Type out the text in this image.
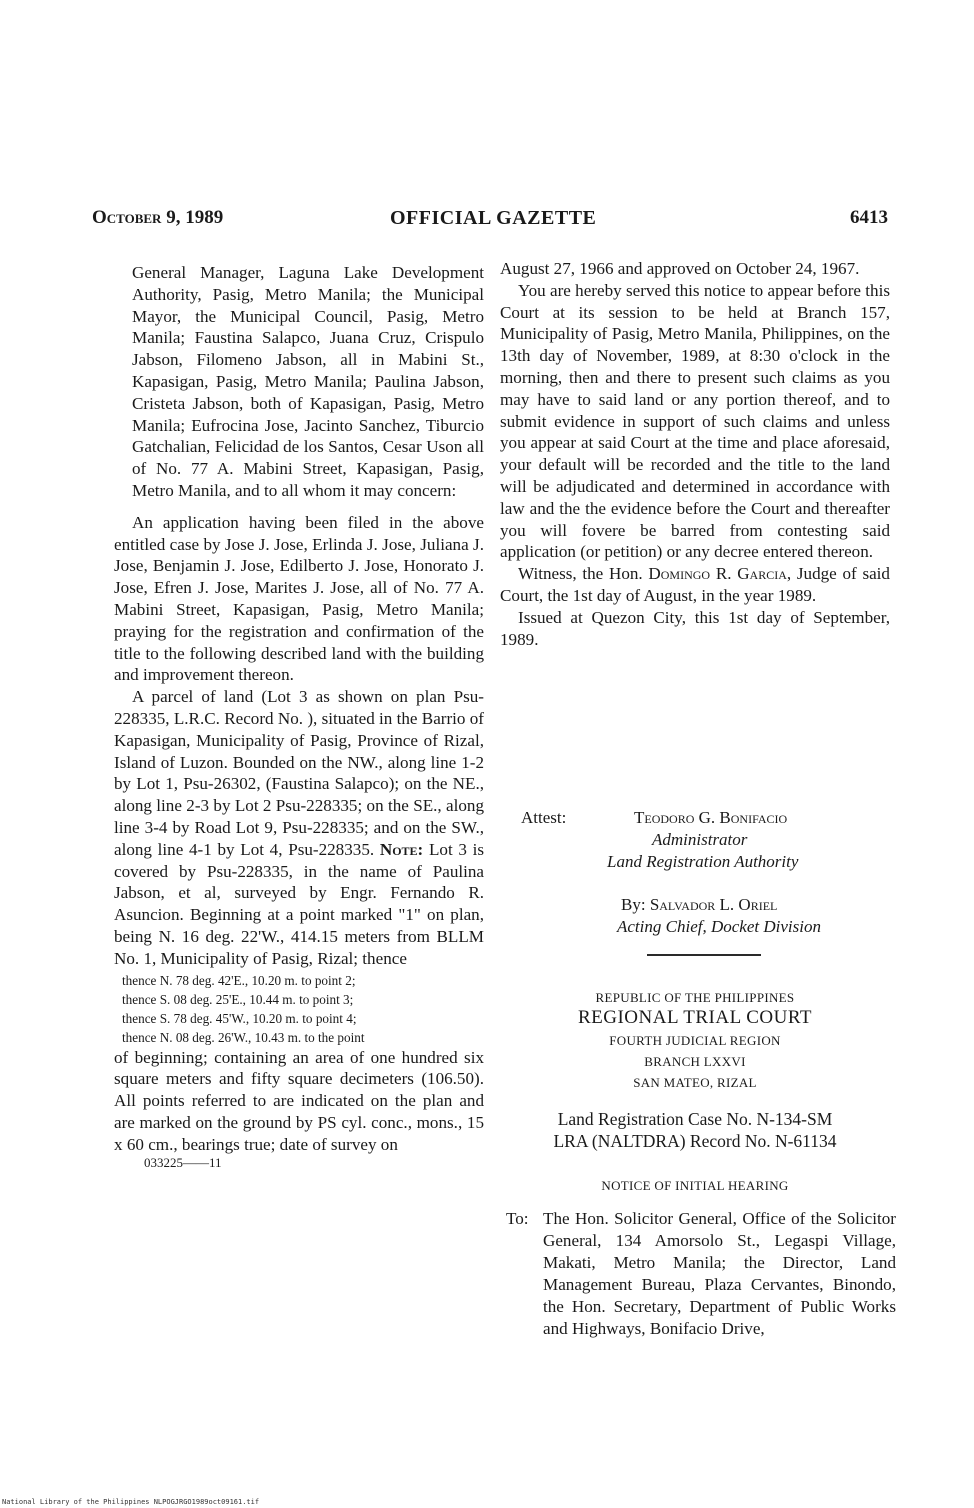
October 9, 1989	OFFICIAL GAZETTE	6413

General Manager, Laguna Lake Development Authority, Pasig, Metro Manila; the Municipal Mayor, the Municipal Council, Pasig, Metro Manila; Faustina Salapco, Juana Cruz, Crispulo Jabson, Filomeno Jabson, all in Mabini St., Kapasigan, Pasig, Metro Manila; Paulina Jabson, Cristeta Jabson, both of Kapasigan, Pasig, Metro Manila; Eufrocina Jose, Jacinto Sanchez, Tiburcio Gatchalian, Felicidad de los Santos, Cesar Uson all of No. 77 A. Mabini Street, Kapasigan, Pasig, Metro Manila, and to all whom it may concern:

An application having been filed in the above entitled case by Jose J. Jose, Erlinda J. Jose, Juliana J. Jose, Benjamin J. Jose, Edilberto J. Jose, Honorato J. Jose, Efren J. Jose, Marites J. Jose, all of No. 77 A. Mabini Street, Kapasigan, Pasig, Metro Manila; praying for the registration and confirmation of the title to the following described land with the building and improvement thereon.

A parcel of land (Lot 3 as shown on plan Psu-228335, L.R.C. Record No. ), situated in the Barrio of Kapasigan, Municipality of Pasig, Province of Rizal, Island of Luzon. Bounded on the NW., along line 1-2 by Lot 1, Psu-26302, (Faustina Salapco); on the NE., along line 2-3 by Lot 2 Psu-228335; on the SE., along line 3-4 by Road Lot 9, Psu-228335; and on the SW., along line 4-1 by Lot 4, Psu-228335. Note: Lot 3 is covered by Psu-228335, in the name of Paulina Jabson, et al, surveyed by Engr. Fernando R. Asuncion. Beginning at a point marked "1" on plan, being N. 16 deg. 22'W., 414.15 meters from BLLM No. 1, Municipality of Pasig, Rizal; thence

thence N. 78 deg. 42'E., 10.20 m. to point 2;
thence S. 08 deg. 25'E., 10.44 m. to point 3;
thence S. 78 deg. 45'W., 10.20 m. to point 4;
thence N. 08 deg. 26'W., 10.43 m. to the point

of beginning; containing an area of one hundred six square meters and fifty square decimeters (106.50). All points referred to are indicated on the plan and are marked on the ground by PS cyl. conc., mons., 15 x 60 cm., bearings true; date of survey on

033225——11

August 27, 1966 and approved on October 24, 1967.

You are hereby served this notice to appear before this Court at its session to be held at Branch 157, Municipality of Pasig, Metro Manila, Philippines, on the 13th day of November, 1989, at 8:30 o'clock in the morning, then and there to present such claims as you may have to said land or any portion thereof, and to submit evidence in support of such claims and unless you appear at said Court at the time and place aforesaid, your default will be recorded and the title to the land will be adjudicated and determined in accordance with law and the the evidence before the Court and thereafter you will fovere be barred from contesting said application (or petition) or any decree entered thereon.

Witness, the Hon. Domingo R. Garcia, Judge of said Court, the 1st day of August, in the year 1989.

Issued at Quezon City, this 1st day of September, 1989.

Attest:	Teodoro G. Bonifacio
Administrator
Land Registration Authority
By: Salvador L. Oriel
Acting Chief, Docket Division
REPUBLIC OF THE PHILIPPINES
REGIONAL TRIAL COURT
FOURTH JUDICIAL REGION
BRANCH LXXVI
SAN MATEO, RIZAL
Land Registration Case No. N-134-SM
LRA (NALTDRA) Record No. N-61134
NOTICE OF INITIAL HEARING
To: The Hon. Solicitor General, Office of the Solicitor General, 134 Amorsolo St., Legaspi Village, Makati, Metro Manila; the Director, Land Management Bureau, Plaza Cervantes, Binondo, the Hon. Secretary, Department of Public Works and Highways, Bonifacio Drive,
National Library of the Philippines NLPOGJRGO1989oct09161.tif
